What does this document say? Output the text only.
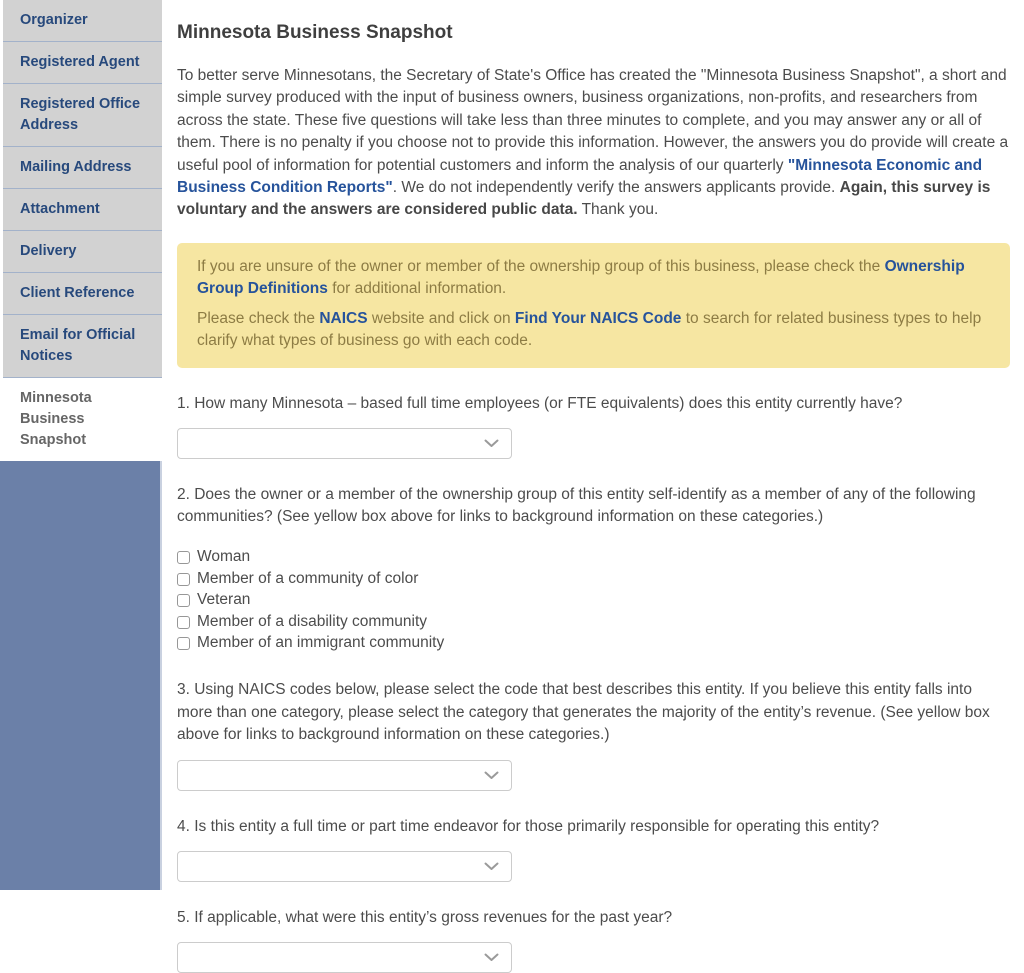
Organizer
Registered Agent
Registered Office Address
Mailing Address
Attachment
Delivery
Client Reference
Email for Official Notices
Minnesota Business Snapshot
Minnesota Business Snapshot

To better serve Minnesotans, the Secretary of State's Office has created the "Minnesota Business Snapshot", a short and simple survey produced with the input of business owners, business organizations, non-profits, and researchers from across the state. These five questions will take less than three minutes to complete, and you may answer any or all of them. There is no penalty if you choose not to provide this information. However, the answers you do provide will create a useful pool of information for potential customers and inform the analysis of our quarterly "Minnesota Economic and Business Condition Reports". We do not independently verify the answers applicants provide. Again, this survey is voluntary and the answers are considered public data. Thank you.

If you are unsure of the owner or member of the ownership group of this business, please check the Ownership Group Definitions for additional information.

Please check the NAICS website and click on Find Your NAICS Code to search for related business types to help clarify what types of business go with each code.

1. How many Minnesota – based full time employees (or FTE equivalents) does this entity currently have?

2. Does the owner or a member of the ownership group of this entity self-identify as a member of any of the following communities? (See yellow box above for links to background information on these categories.)

Woman
Member of a community of color
Veteran
Member of a disability community
Member of an immigrant community

3. Using NAICS codes below, please select the code that best describes this entity. If you believe this entity falls into more than one category, please select the category that generates the majority of the entity’s revenue. (See yellow box above for links to background information on these categories.)

4. Is this entity a full time or part time endeavor for those primarily responsible for operating this entity?

5. If applicable, what were this entity’s gross revenues for the past year?
